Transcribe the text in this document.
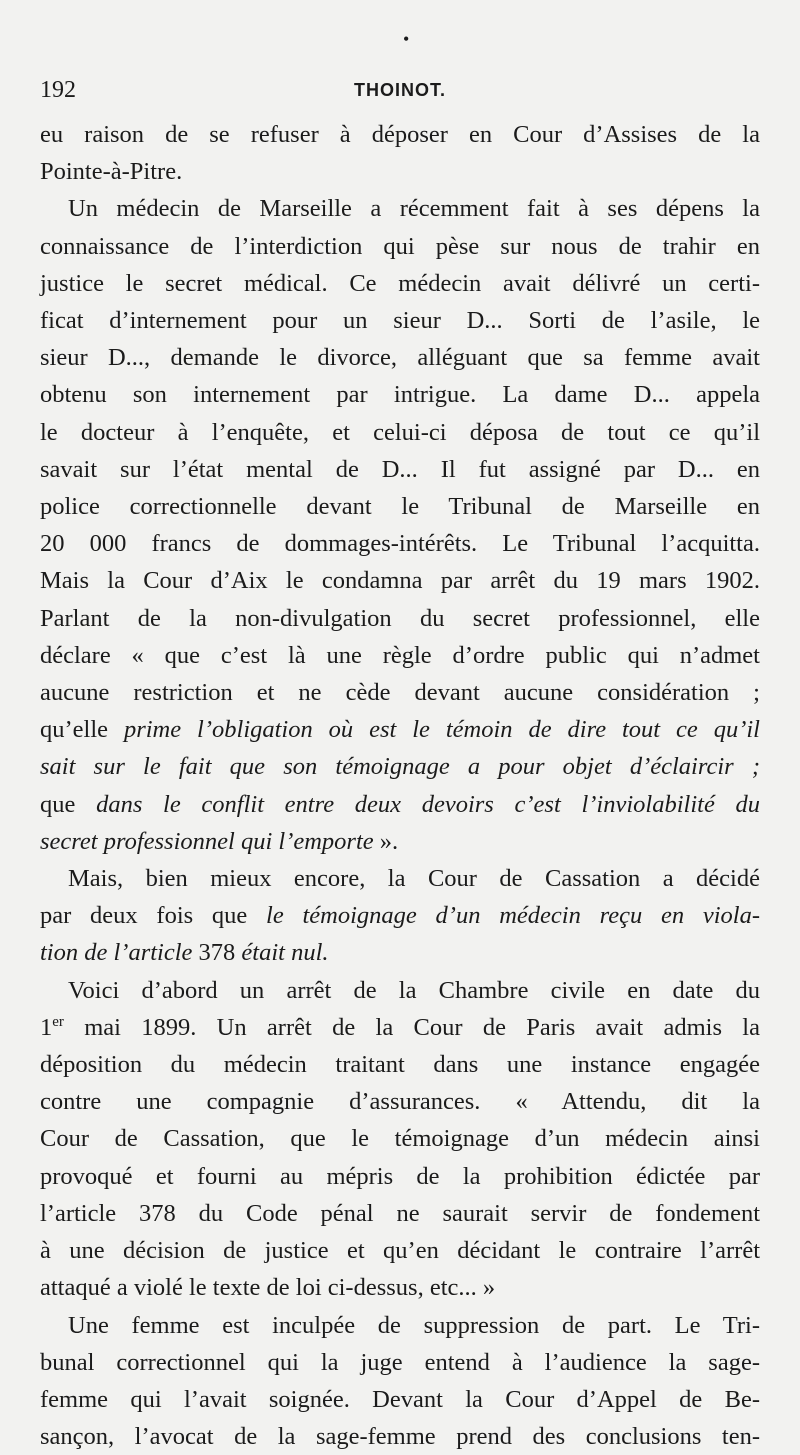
•
192	THOINOT.
eu raison de se refuser à déposer en Cour d’Assises de la
Pointe-à-Pitre.
Un médecin de Marseille a récemment fait à ses dépens la
connaissance de l’interdiction qui pèse sur nous de trahir en
justice le secret médical. Ce médecin avait délivré un certi-
ficat d’internement pour un sieur D... Sorti de l’asile, le
sieur D..., demande le divorce, alléguant que sa femme avait
obtenu son internement par intrigue. La dame D... appela
le docteur à l’enquête, et celui-ci déposa de tout ce qu’il
savait sur l’état mental de D... Il fut assigné par D... en
police correctionnelle devant le Tribunal de Marseille en
20 000 francs de dommages-intérêts. Le Tribunal l’acquitta.
Mais la Cour d’Aix le condamna par arrêt du 19 mars 1902.
Parlant de la non-divulgation du secret professionnel, elle
déclare « que c’est là une règle d’ordre public qui n’admet
aucune restriction et ne cède devant aucune considération ;
qu’elle prime l’obligation où est le témoin de dire tout ce qu’il
sait sur le fait que son témoignage a pour objet d’éclaircir ;
que dans le conflit entre deux devoirs c’est l’inviolabilité du
secret professionnel qui l’emporte ».
Mais, bien mieux encore, la Cour de Cassation a décidé
par deux fois que le témoignage d’un médecin reçu en viola-
tion de l’article 378 était nul.
Voici d’abord un arrêt de la Chambre civile en date du
1er mai 1899. Un arrêt de la Cour de Paris avait admis la
déposition du médecin traitant dans une instance engagée
contre une compagnie d’assurances. « Attendu, dit la
Cour de Cassation, que le témoignage d’un médecin ainsi
provoqué et fourni au mépris de la prohibition édictée par
l’article 378 du Code pénal ne saurait servir de fondement
à une décision de justice et qu’en décidant le contraire l’arrêt
attaqué a violé le texte de loi ci-dessus, etc... »
Une femme est inculpée de suppression de part. Le Tri-
bunal correctionnel qui la juge entend à l’audience la sage-
femme qui l’avait soignée. Devant la Cour d’Appel de Be-
sançon, l’avocat de la sage-femme prend des conclusions ten-
